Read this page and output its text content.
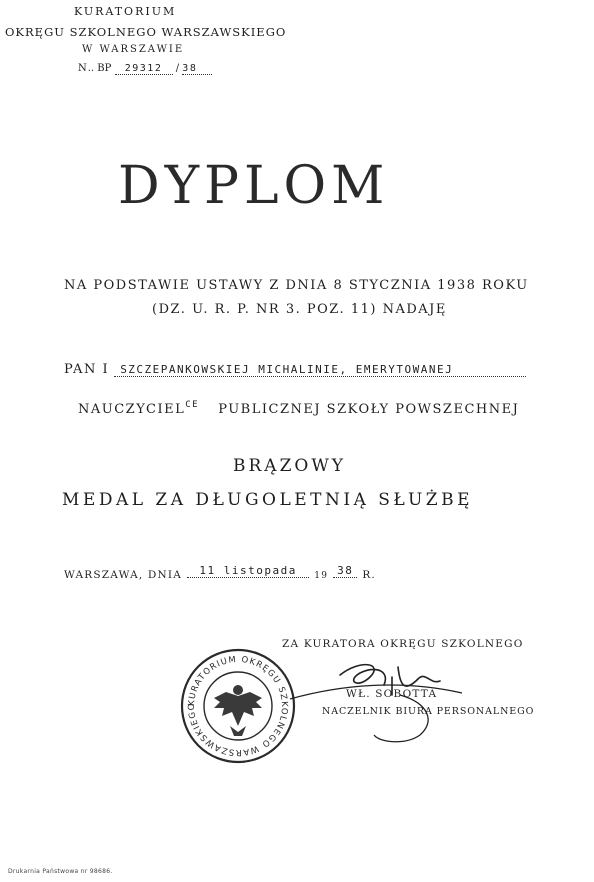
KURATORIUM
OKRĘGU SZKOLNEGO WARSZAWSKIEGO
W WARSZAWIE
N .. BP 29312 / 38
DYPLOM
NA PODSTAWIE USTAWY Z DNIA 8 STYCZNIA 1938 ROKU
(DZ. U. R. P. NR 3. POZ. 11) NADAJĘ
PAN I SZCZEPANKOWSKIEJ MICHALINIE, EMERYTOWANEJ
$NAUCZYCIEL^{CE}$ PUBLICZNEJ SZKOŁY POWSZECHNEJ
BRĄZOWY
MEDAL ZA DŁUGOLETNIĄ SŁUŻBĘ
WARSZAWA, DNIA 11 listopada 19 38 R.
ZA KURATORA OKRĘGU SZKOLNEGO
KURATORIUM OKRĘGU SZKOLNEGO WARSZAWSKIEGO
WŁ. SOBOTTA
NACZELNIK BIURA PERSONALNEGO
Drukarnia Państwowa nr 98686.
